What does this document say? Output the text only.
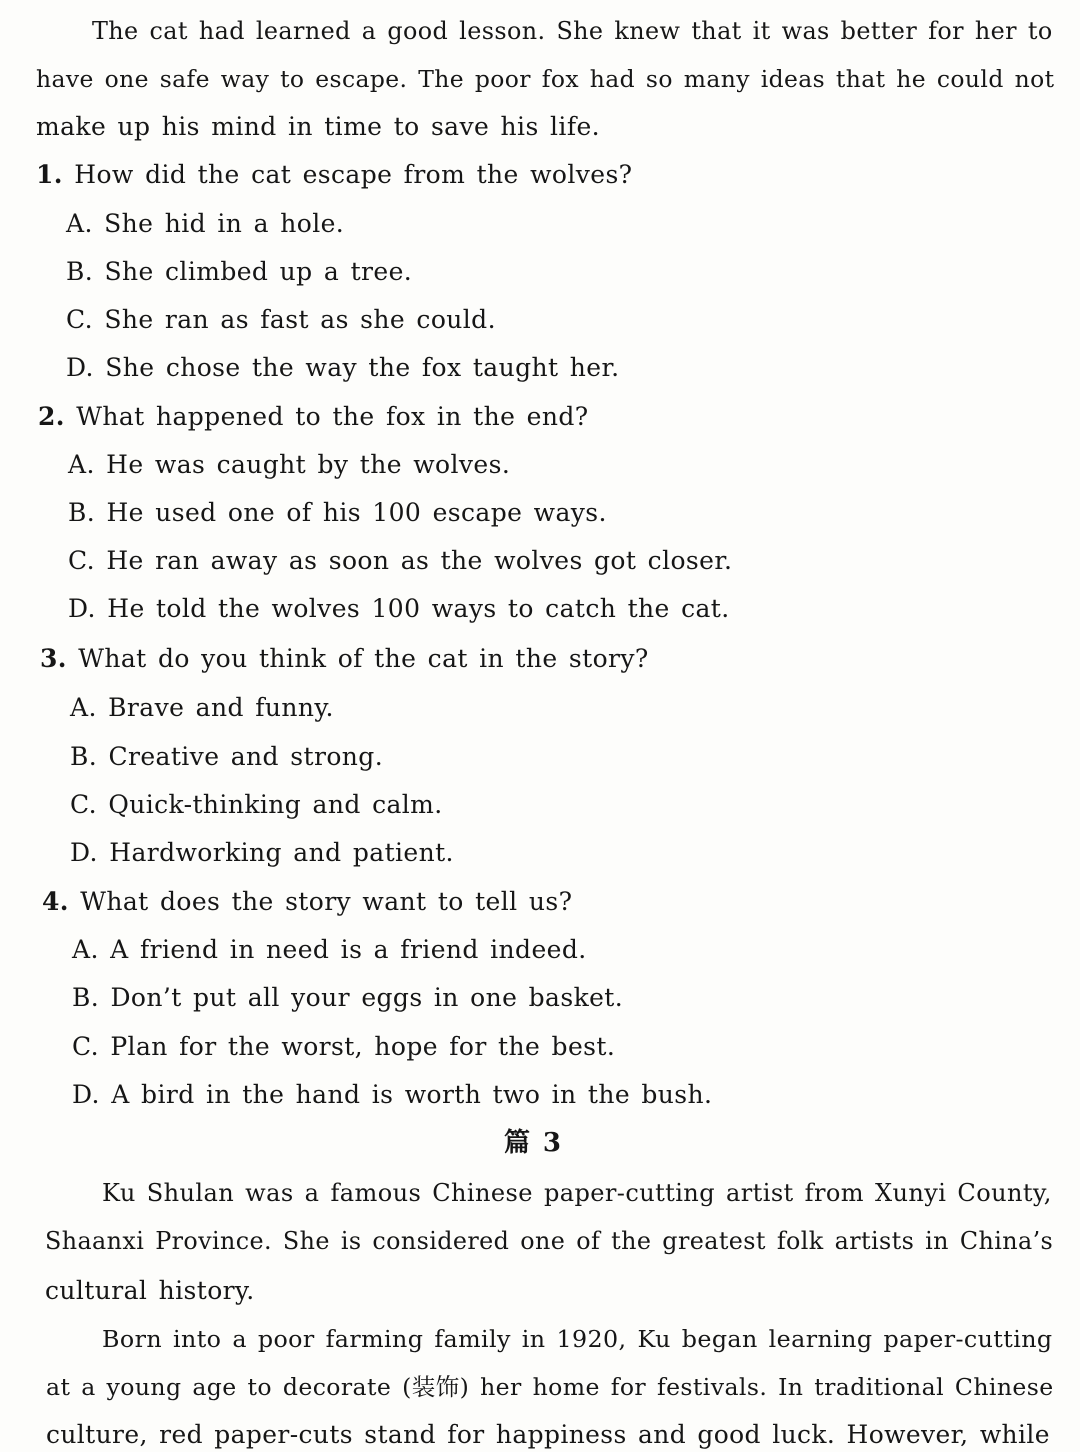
The cat had learned a good lesson. She knew that it was better for her to
have one safe way to escape. The poor fox had so many ideas that he could not
make up his mind in time to save his life.
1. How did the cat escape from the wolves?
A. She hid in a hole.
B. She climbed up a tree.
C. She ran as fast as she could.
D. She chose the way the fox taught her.
2. What happened to the fox in the end?
A. He was caught by the wolves.
B. He used one of his 100 escape ways.
C. He ran away as soon as the wolves got closer.
D. He told the wolves 100 ways to catch the cat.
3. What do you think of the cat in the story?
A. Brave and funny.
B. Creative and strong.
C. Quick-thinking and calm.
D. Hardworking and patient.
4. What does the story want to tell us?
A. A friend in need is a friend indeed.
B. Don’t put all your eggs in one basket.
C. Plan for the worst, hope for the best.
D. A bird in the hand is worth two in the bush.
篇 3
Ku Shulan was a famous Chinese paper-cutting artist from Xunyi County,
Shaanxi Province. She is considered one of the greatest folk artists in China’s
cultural history.
Born into a poor farming family in 1920, Ku began learning paper-cutting
at a young age to decorate (装饰) her home for festivals. In traditional Chinese
culture, red paper-cuts stand for happiness and good luck. However, while
